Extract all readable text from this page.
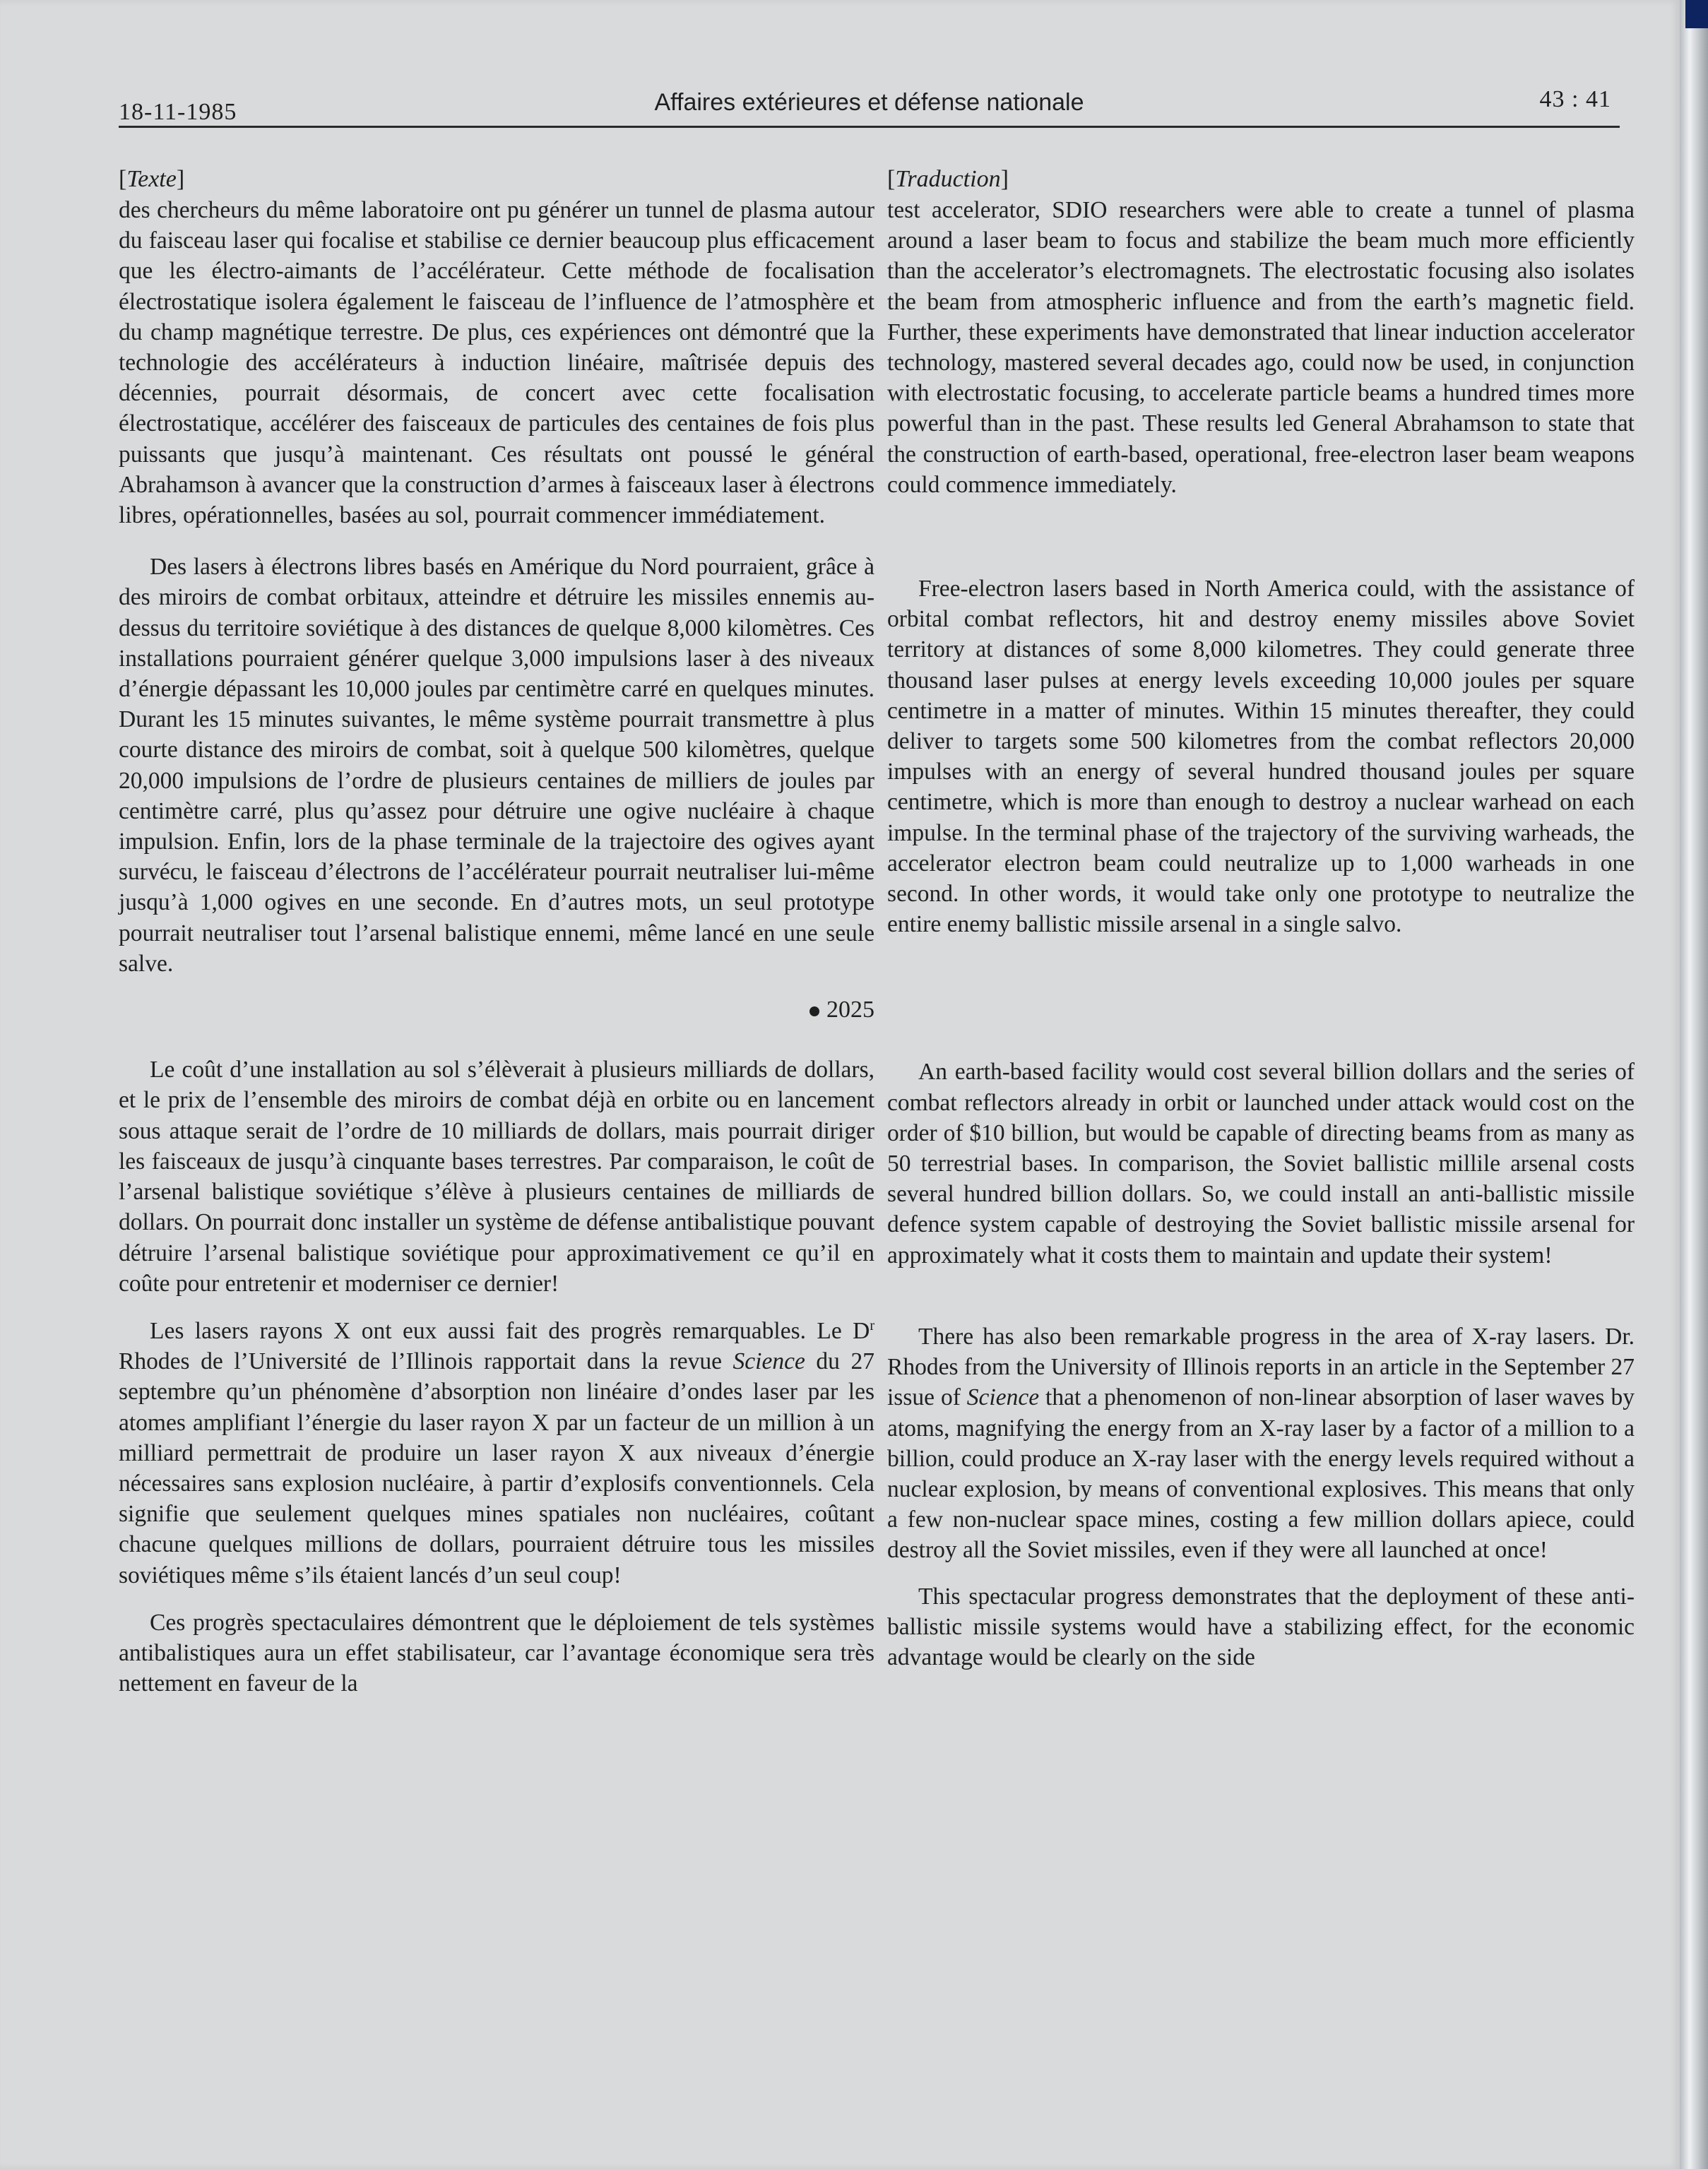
18-11-1985	Affaires extérieures et défense nationale	43 : 41

[Texte]

des chercheurs du même laboratoire ont pu générer un tunnel de plasma autour du faisceau laser qui focalise et stabilise ce dernier beaucoup plus efficacement que les électro-aimants de l’accélérateur. Cette méthode de focalisation électrostatique isolera également le faisceau de l’influence de l’atmosphère et du champ magnétique terrestre. De plus, ces expériences ont démontré que la technologie des accélérateurs à induction linéaire, maîtrisée depuis des décennies, pourrait désormais, de concert avec cette focalisation électrostatique, accélérer des faisceaux de particules des centaines de fois plus puissants que jusqu’à maintenant. Ces résultats ont poussé le général Abrahamson à avancer que la construction d’armes à faisceaux laser à électrons libres, opérationnelles, basées au sol, pourrait commencer immédiatement.

Des lasers à électrons libres basés en Amérique du Nord pourraient, grâce à des miroirs de combat orbitaux, atteindre et détruire les missiles ennemis au-dessus du territoire soviétique à des distances de quelque 8,000 kilomètres. Ces installations pourraient générer quelque 3,000 impulsions laser à des niveaux d’énergie dépassant les 10,000 joules par centimètre carré en quelques minutes. Durant les 15 minutes suivantes, le même système pourrait transmettre à plus courte distance des miroirs de combat, soit à quelque 500 kilomètres, quelque 20,000 impulsions de l’ordre de plusieurs centaines de milliers de joules par centimètre carré, plus qu’assez pour détruire une ogive nucléaire à chaque impulsion. Enfin, lors de la phase terminale de la trajectoire des ogives ayant survécu, le faisceau d’électrons de l’accélérateur pourrait neutraliser lui-même jusqu’à 1,000 ogives en une seconde. En d’autres mots, un seul prototype pourrait neutraliser tout l’arsenal balistique ennemi, même lancé en une seule salve.

2025

Le coût d’une installation au sol s’élèverait à plusieurs milliards de dollars, et le prix de l’ensemble des miroirs de combat déjà en orbite ou en lancement sous attaque serait de l’ordre de 10 milliards de dollars, mais pourrait diriger les faisceaux de jusqu’à cinquante bases terrestres. Par comparaison, le coût de l’arsenal balistique soviétique s’élève à plusieurs centaines de milliards de dollars. On pourrait donc installer un système de défense antibalistique pouvant détruire l’arsenal balistique soviétique pour approximativement ce qu’il en coûte pour entretenir et moderniser ce dernier!

Les lasers rayons X ont eux aussi fait des progrès remarquables. Le $D^r$ Rhodes de l’Université de l’Illinois rapportait dans la revue Science du 27 septembre qu’un phénomène d’absorption non linéaire d’ondes laser par les atomes amplifiant l’énergie du laser rayon X par un facteur de un million à un milliard permettrait de produire un laser rayon X aux niveaux d’énergie nécessaires sans explosion nucléaire, à partir d’explosifs conventionnels. Cela signifie que seulement quelques mines spatiales non nucléaires, coûtant chacune quelques millions de dollars, pourraient détruire tous les missiles soviétiques même s’ils étaient lancés d’un seul coup!

Ces progrès spectaculaires démontrent que le déploiement de tels systèmes antibalistiques aura un effet stabilisateur, car l’avantage économique sera très nettement en faveur de la

[Traduction]

test accelerator, SDIO researchers were able to create a tunnel of plasma around a laser beam to focus and stabilize the beam much more efficiently than the accelerator’s electromagnets. The electrostatic focusing also isolates the beam from atmospheric influence and from the earth’s magnetic field. Further, these experiments have demonstrated that linear induction accelerator technology, mastered several decades ago, could now be used, in conjunction with electrostatic focusing, to accelerate particle beams a hundred times more powerful than in the past. These results led General Abrahamson to state that the construction of earth-based, operational, free-electron laser beam weapons could commence immediately.

Free-electron lasers based in North America could, with the assistance of orbital combat reflectors, hit and destroy enemy missiles above Soviet territory at distances of some 8,000 kilometres. They could generate three thousand laser pulses at energy levels exceeding 10,000 joules per square centimetre in a matter of minutes. Within 15 minutes thereafter, they could deliver to targets some 500 kilometres from the combat reflectors 20,000 impulses with an energy of several hundred thousand joules per square centimetre, which is more than enough to destroy a nuclear warhead on each impulse. In the terminal phase of the trajectory of the surviving warheads, the accelerator electron beam could neutralize up to 1,000 warheads in one second. In other words, it would take only one prototype to neutralize the entire enemy ballistic missile arsenal in a single salvo.

An earth-based facility would cost several billion dollars and the series of combat reflectors already in orbit or launched under attack would cost on the order of $10 billion, but would be capable of directing beams from as many as 50 terrestrial bases. In comparison, the Soviet ballistic millile arsenal costs several hundred billion dollars. So, we could install an anti-ballistic missile defence system capable of destroying the Soviet ballistic missile arsenal for approximately what it costs them to maintain and update their system!

There has also been remarkable progress in the area of X-ray lasers. Dr. Rhodes from the University of Illinois reports in an article in the September 27 issue of Science that a phenomenon of non-linear absorption of laser waves by atoms, magnifying the energy from an X-ray laser by a factor of a million to a billion, could produce an X-ray laser with the energy levels required without a nuclear explosion, by means of conventional explosives. This means that only a few non-nuclear space mines, costing a few million dollars apiece, could destroy all the Soviet missiles, even if they were all launched at once!

This spectacular progress demonstrates that the deployment of these anti-ballistic missile systems would have a stabilizing effect, for the economic advantage would be clearly on the side
